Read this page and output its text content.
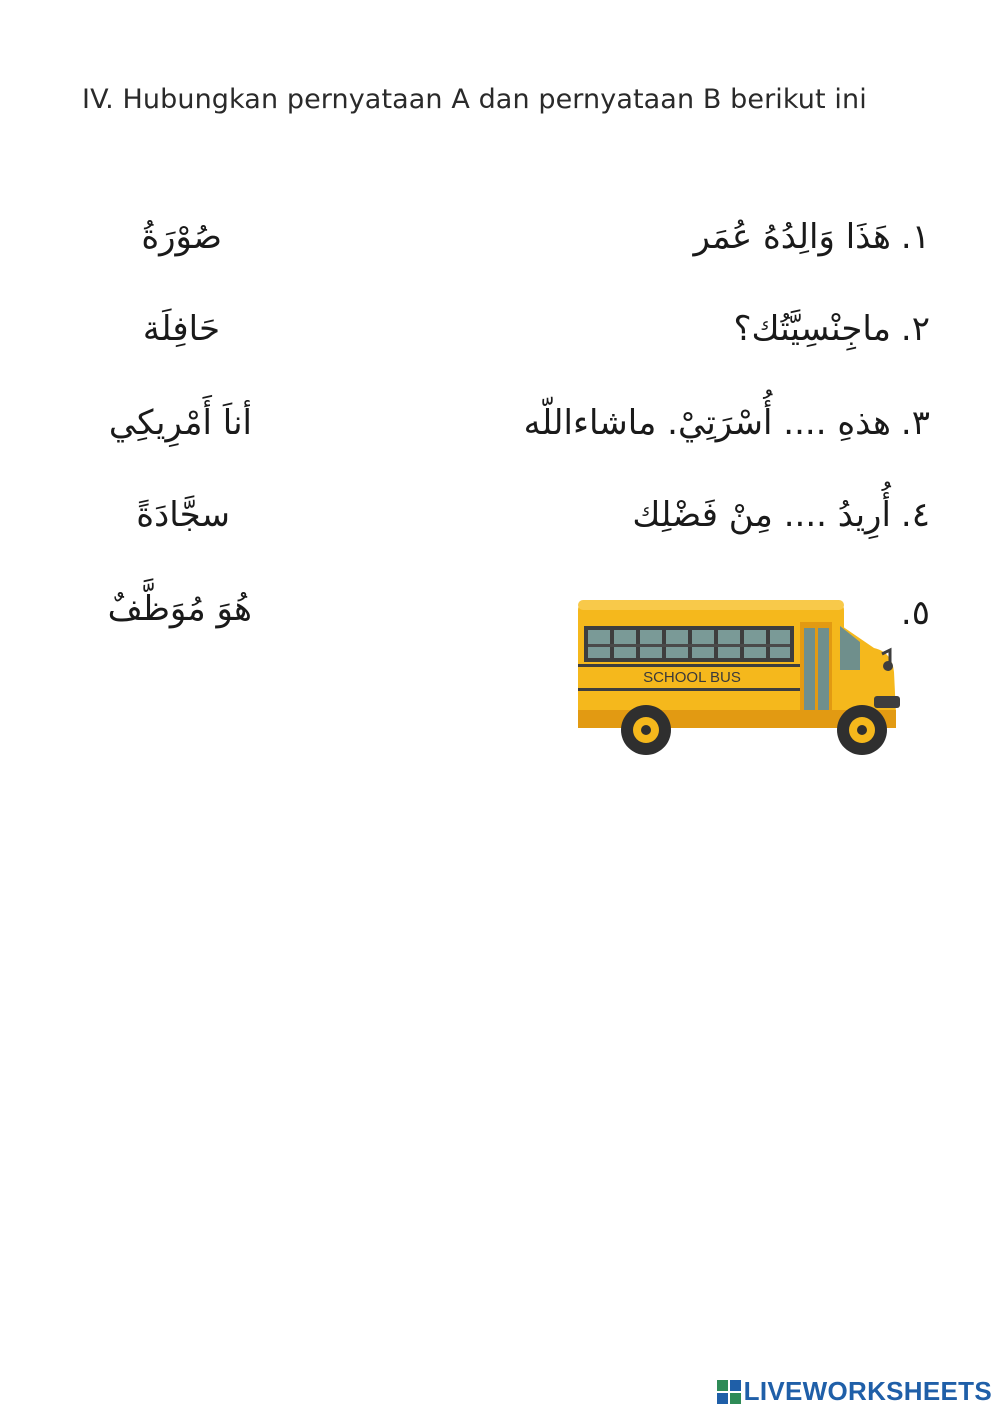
IV. Hubungkan pernyataan A dan pernyataan B berikut ini
١.هَذَا وَالِدُهُ عُمَر
٢.ماجِنْسِيَّتُك؟
٣.هذهِ .... أُسْرَتِيْ. ماشاءاللّه
٤.أُرِيدُ .... مِنْ فَضْلِك
٥.
SCHOOL BUS
صُوْرَةُ
حَافِلَة
أناَ أَمْرِيكِي
سجَّادَةً
هُوَ مُوَظَّفٌ
LIVEWORKSHEETS
